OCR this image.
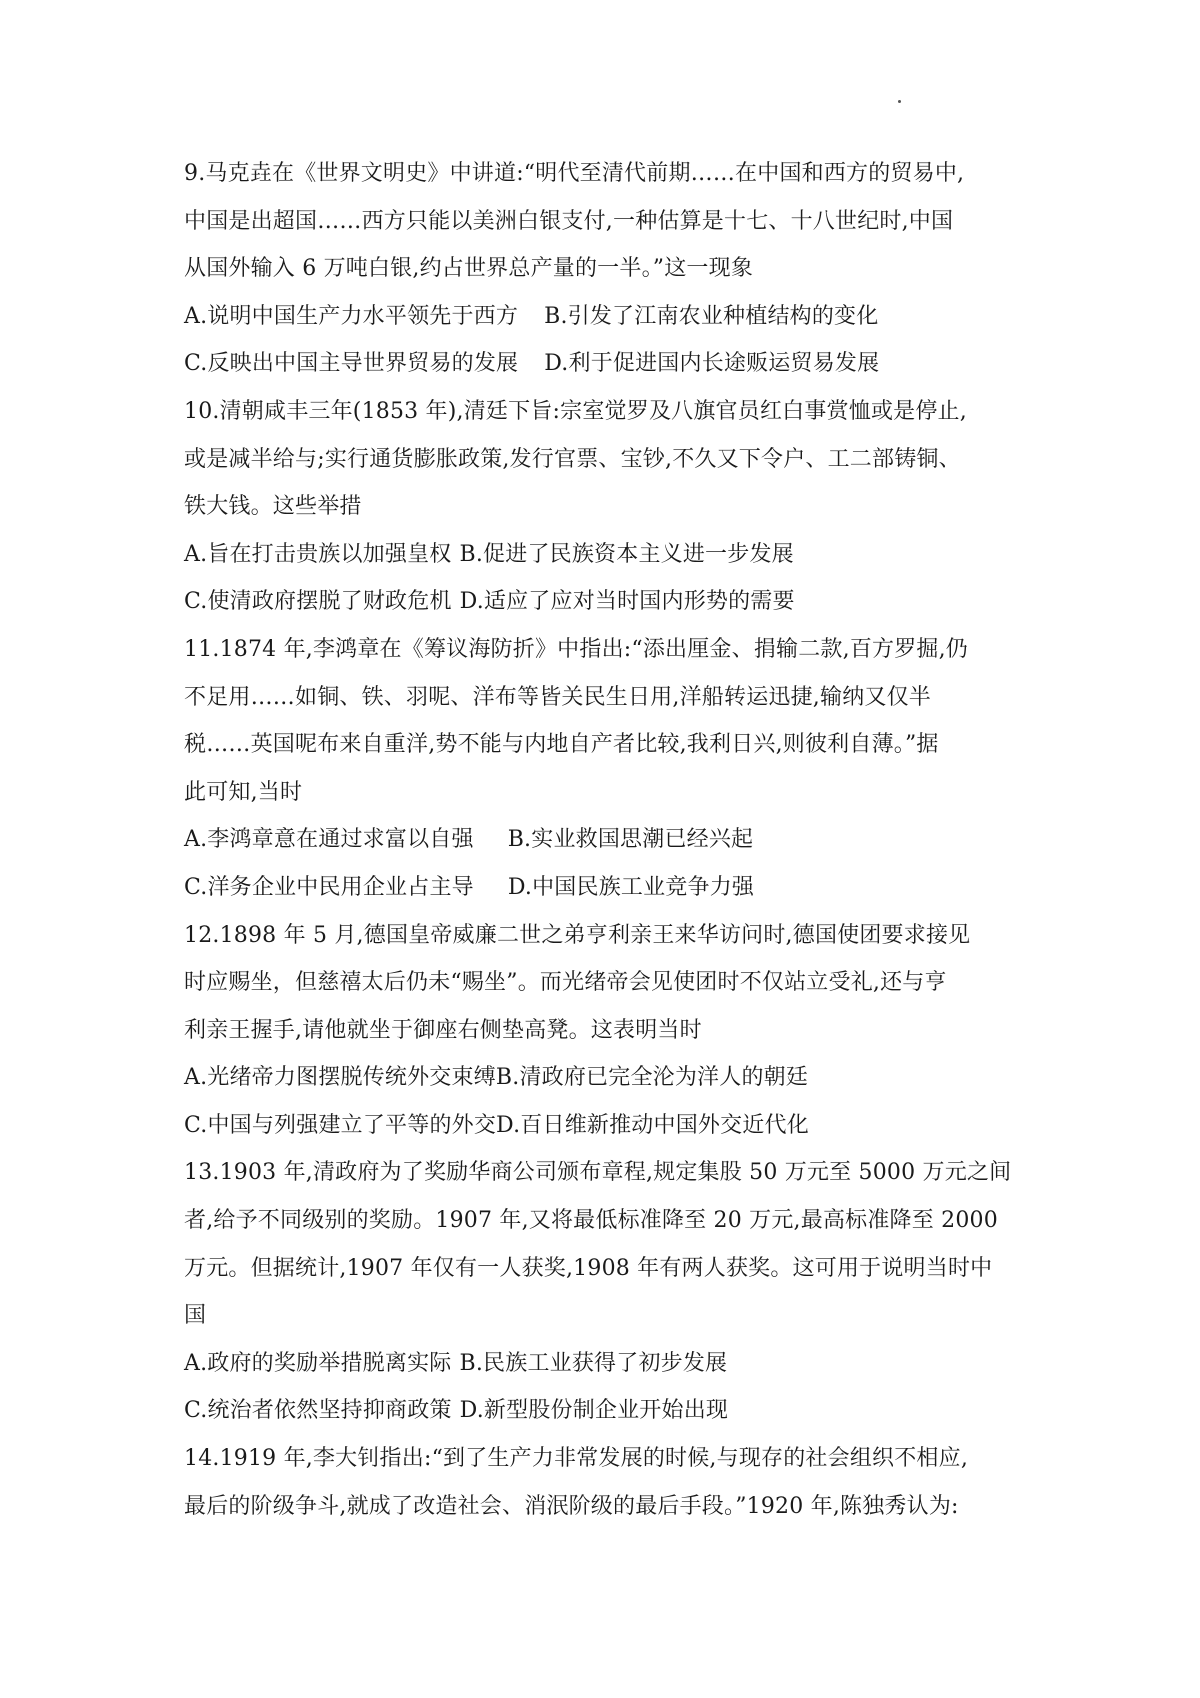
9.马克垚在《世界文明史》中讲道:“明代至清代前期……在中国和西方的贸易中,
中国是出超国……西方只能以美洲白银支付,一种估算是十七、十八世纪时,中国
从国外输入 6 万吨白银,约占世界总产量的一半。”这一现象
A.说明中国生产力水平领先于西方 B.引发了江南农业种植结构的变化
C.反映出中国主导世界贸易的发展 D.利于促进国内长途贩运贸易发展
10.清朝咸丰三年(1853 年),清廷下旨:宗室觉罗及八旗官员红白事赏恤或是停止,
或是减半给与;实行通货膨胀政策,发行官票、宝钞,不久又下令户、工二部铸铜、
铁大钱。这些举措
A.旨在打击贵族以加强皇权 B.促进了民族资本主义进一步发展
C.使清政府摆脱了财政危机 D.适应了应对当时国内形势的需要
11.1874 年,李鸿章在《筹议海防折》中指出:“添出厘金、捐输二款,百方罗掘,仍
不足用……如铜、铁、羽呢、洋布等皆关民生日用,洋船转运迅捷,输纳又仅半
税……英国呢布来自重洋,势不能与内地自产者比较,我利日兴,则彼利自薄。”据
此可知,当时
A.李鸿章意在通过求富以自强 B.实业救国思潮已经兴起
C.洋务企业中民用企业占主导 D.中国民族工业竞争力强
12.1898 年 5 月,德国皇帝威廉二世之弟亨利亲王来华访问时,德国使团要求接见
时应赐坐，但慈禧太后仍未“赐坐”。而光绪帝会见使团时不仅站立受礼,还与亨
利亲王握手,请他就坐于御座右侧垫高凳。这表明当时
A.光绪帝力图摆脱传统外交束缚 B.清政府已完全沦为洋人的朝廷
C.中国与列强建立了平等的外交 D.百日维新推动中国外交近代化
13.1903 年,清政府为了奖励华商公司颁布章程,规定集股 50 万元至 5000 万元之间
者,给予不同级别的奖励。1907 年,又将最低标准降至 20 万元,最高标准降至 2000
万元。但据统计,1907 年仅有一人获奖,1908 年有两人获奖。这可用于说明当时中
国
A.政府的奖励举措脱离实际 B.民族工业获得了初步发展
C.统治者依然坚持抑商政策 D.新型股份制企业开始出现
14.1919 年,李大钊指出:“到了生产力非常发展的时候,与现存的社会组织不相应,
最后的阶级争斗,就成了改造社会、消泯阶级的最后手段。”1920 年,陈独秀认为:
